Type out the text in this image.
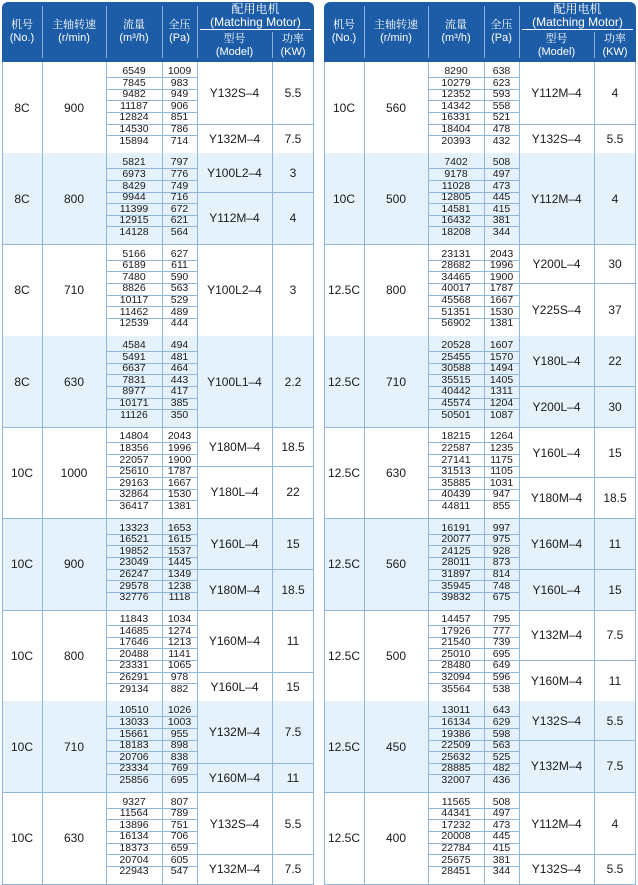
机号
(No.)
主轴转速
(r/min)
流量
(m³/h)
全压
(Pa)
配用电机
(Matching Motor)
型号
(Model)
功率
(KW)
8C	900
6549	1009
7845	983
9482	949
11187	906
12824	851
14530	786
15894	714
Y132S–4	5.5
Y132M–4	7.5
8C	800
5821	797
6973	776
8429	749
9944	716
11399	672
12915	621
14128	564
Y100L2–4	3
Y112M–4	4
8C	710
5166	627
6189	611
7480	590
8826	563
10117	529
11462	489
12539	444
Y100L2–4	3
8C	630
4584	494
5491	481
6637	464
7831	443
8977	417
10171	385
11126	350
Y100L1–4	2.2
10C	1000
14804	2043
18356	1996
22057	1900
25610	1787
29163	1667
32864	1530
36417	1381
Y180M–4	18.5
Y180L–4	22
10C	900
13323	1653
16521	1615
19852	1537
23049	1445
26247	1349
29578	1238
32776	1118
Y160L–4	15
Y180M–4	18.5
10C	800
11843	1034
14685	1274
17646	1213
20488	1141
23331	1065
26291	978
29134	882
Y160M–4	11
Y160L–4	15
10C	710
10510	1026
13033	1003
15661	955
18183	898
20706	838
23334	769
25856	695
Y132M–4	7.5
Y160M–4	11
10C	630
9327	807
11564	789
13896	751
16134	706
18373	659
20704	605
22943	547
Y132S–4	5.5
Y132M–4	7.5
机号
(No.)
主轴转速
(r/min)
流量
(m³/h)
全压
(Pa)
配用电机
(Matching Motor)
型号
(Model)
功率
(KW)
10C	560
8290	638
10279	623
12352	593
14342	558
16331	521
18404	478
20393	432
Y112M–4	4
Y132S–4	5.5
10C	500
7402	508
9178	497
11028	473
12805	445
14581	415
16432	381
18208	344
Y112M–4	4
12.5C	800
23131	2043
28682	1996
34465	1900
40017	1787
45568	1667
51351	1530
56902	1381
Y200L–4	30
Y225S–4	37
12.5C	710
20528	1607
25455	1570
30588	1494
35515	1405
40442	1311
45574	1204
50501	1087
Y180L–4	22
Y200L–4	30
12.5C	630
18215	1264
22587	1235
27141	1175
31513	1105
35885	1031
40439	947
44811	855
Y160L–4	15
Y180M–4	18.5
12.5C	560
16191	997
20077	975
24125	928
28011	873
31897	814
35945	748
39832	675
Y160M–4	11
Y160L–4	15
12.5C	500
14457	795
17926	777
21540	739
25010	695
28480	649
32094	596
35564	538
Y132M–4	7.5
Y160M–4	11
12.5C	450
13011	643
16134	629
19386	598
22509	563
25632	525
28885	482
32007	436
Y132S–4	5.5
Y132M–4	7.5
12.5C	400
11565	508
44341	497
17232	473
20008	445
22784	415
25675	381
28451	344
Y112M–4	4
Y132S–4	5.5
